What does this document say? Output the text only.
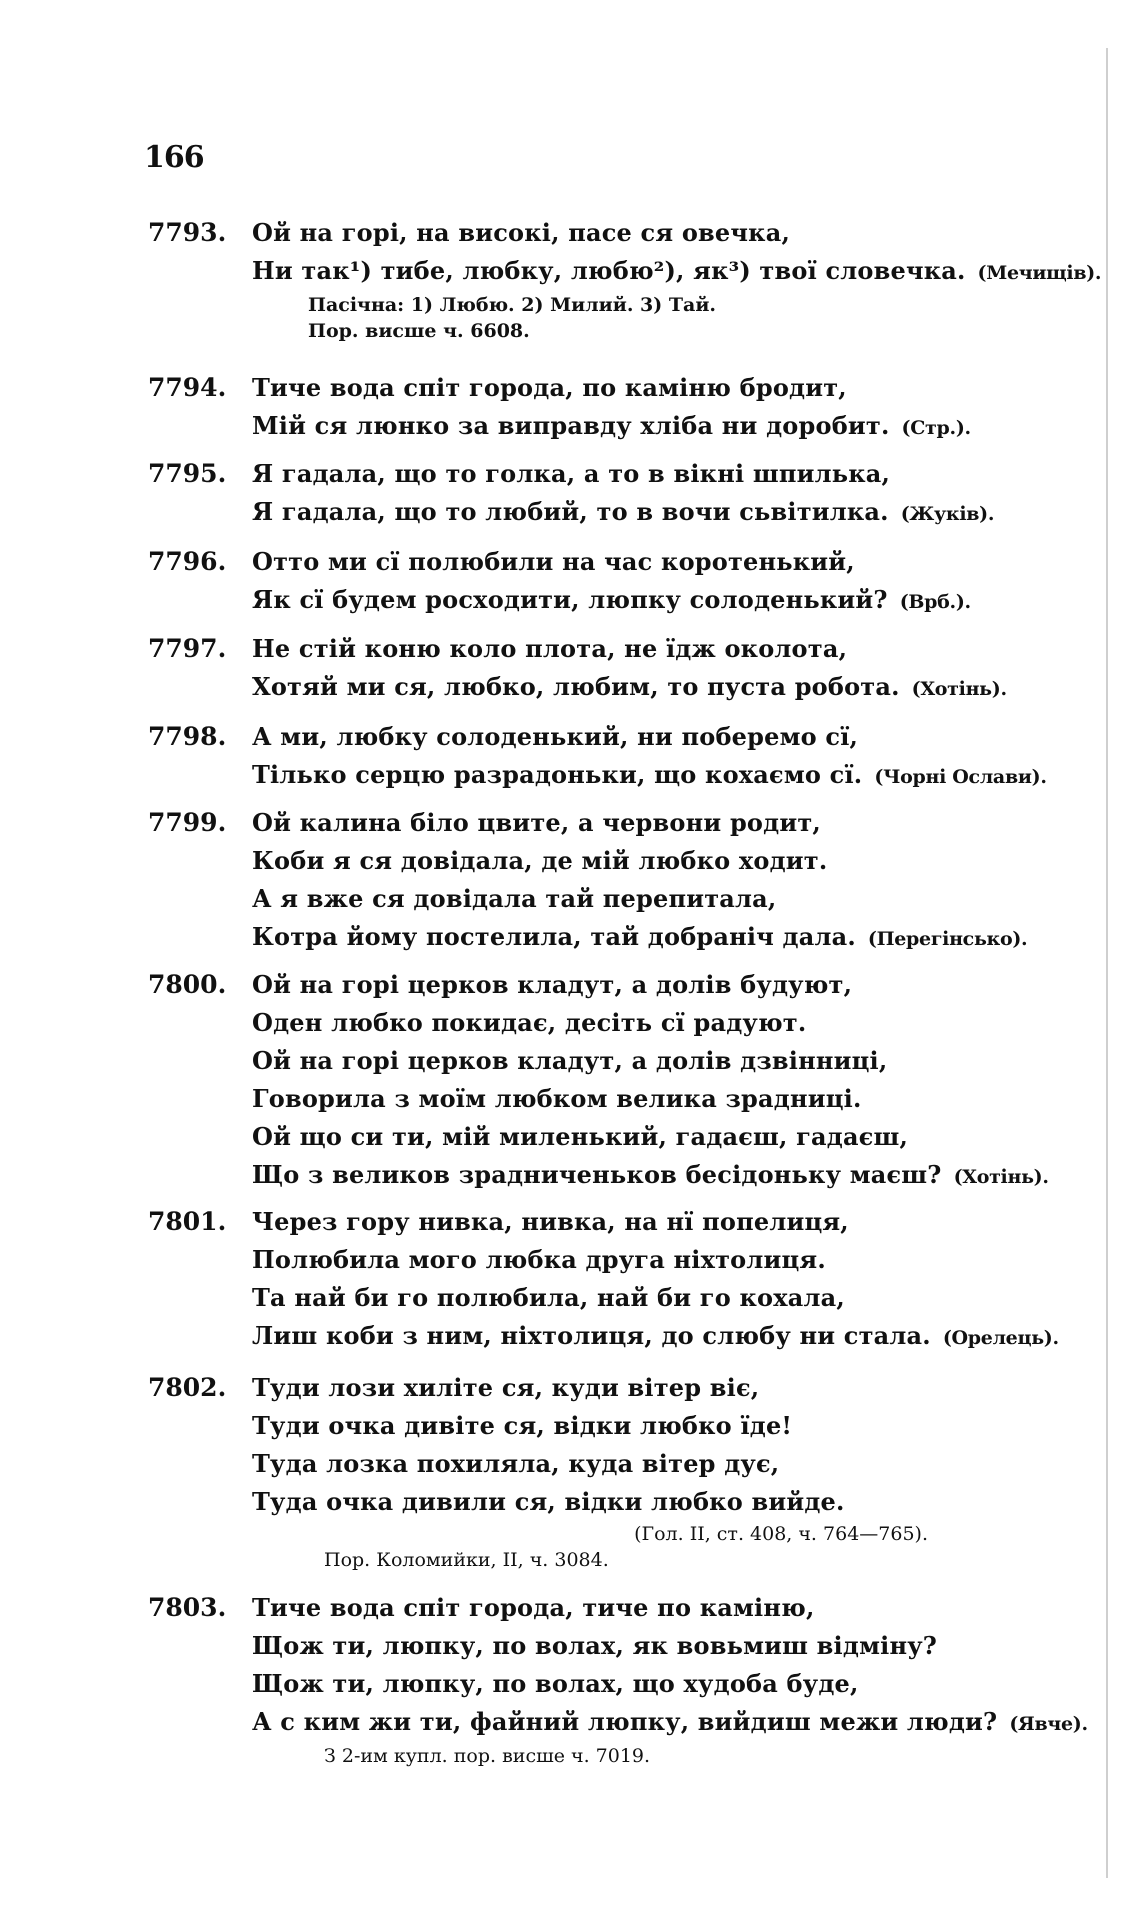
166
7793. Ой на горі, на високі, пасе ся овечка,
Ни так¹) тибе, любку, любю²), як³) твої словечка. (Мечищів).
Пасічна: 1) Любю. 2) Милий. 3) Тай.
Пор. висше ч. 6608.
7794. Тиче вода спіт города, по каміню бродит,
Мій ся люнко за виправду хліба ни доробит. (Стр.).
7795. Я гадала, що то голка, а то в вікні шпилька,
Я гадала, що то любий, то в вочи сьвітилка. (Жуків).
7796. Отто ми сї полюбили на час коротенький,
Як сї будем росходити, люпку солоденький? (Врб.).
7797. Не стій коню коло плота, не їдж околота,
Хотяй ми ся, любко, любим, то пуста робота. (Хотінь).
7798. А ми, любку солоденький, ни поберемо сї,
Тілько серцю разрадоньки, що кохаємо сї. (Чорні Ослави).
7799. Ой калина біло цвите, а червони родит,
Коби я ся довідала, де мій любко ходит.
А я вже ся довідала тай перепитала,
Котра йому постелила, тай добраніч дала. (Перегінсько).
7800. Ой на горі церков кладут, а долів будуют,
Оден любко покидає, десіть сї радуют.
Ой на горі церков кладут, а долів дзвінниці,
Говорила з моїм любком велика зрадниці.
Ой що си ти, мій миленький, гадаєш, гадаєш,
Що з великов зрадниченьков бесідоньку маєш? (Хотінь).
7801. Через гору нивка, нивка, на нї попелиця,
Полюбила мого любка друга ніхтолиця.
Та най би го полюбила, най би го кохала,
Лиш коби з ним, ніхтолиця, до слюбу ни стала. (Орелець).
7802. Туди лози хиліте ся, куди вітер віє,
Туди очка дивіте ся, відки любко їде!
Туда лозка похиляла, куда вітер дує,
Туда очка дивили ся, відки любко вийде.
(Гол. II, ст. 408, ч. 764—765).
Пор. Коломийки, II, ч. 3084.
7803. Тиче вода спіт города, тиче по каміню,
Щож ти, люпку, по волах, як вовьмиш відміну?
Щож ти, люпку, по волах, що худоба буде,
А с ким жи ти, файний люпку, вийдиш межи люди? (Явче).
З 2-им купл. пор. висше ч. 7019.
